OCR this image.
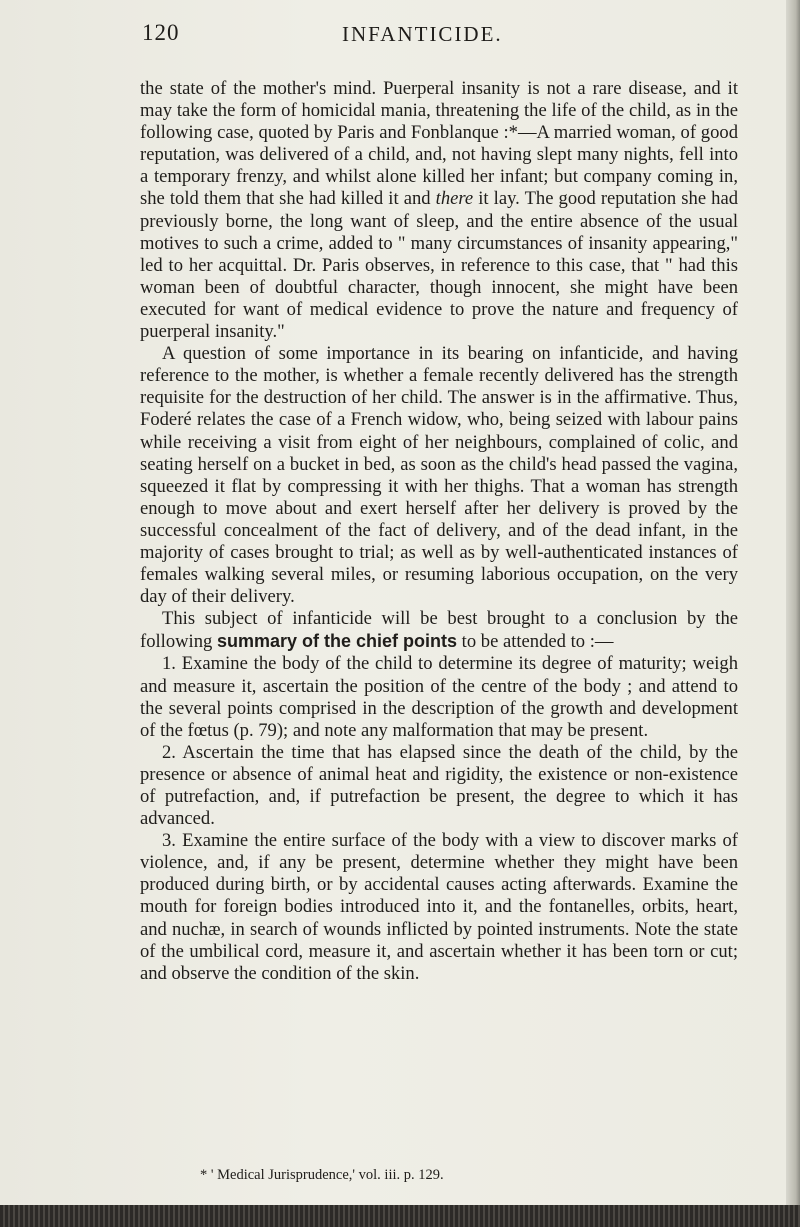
120	INFANTICIDE.

the state of the mother's mind. Puerperal insanity is not a rare disease, and it may take the form of homicidal mania, threatening the life of the child, as in the following case, quoted by Paris and Fonblanque :*—A married woman, of good reputation, was delivered of a child, and, not having slept many nights, fell into a temporary frenzy, and whilst alone killed her infant; but company coming in, she told them that she had killed it and there it lay. The good reputation she had previously borne, the long want of sleep, and the entire absence of the usual motives to such a crime, added to " many circumstances of insanity appearing," led to her acquittal. Dr. Paris observes, in reference to this case, that " had this woman been of doubtful character, though innocent, she might have been executed for want of medical evidence to prove the nature and frequency of puerperal insanity."

A question of some importance in its bearing on infanticide, and having reference to the mother, is whether a female recently delivered has the strength requisite for the destruction of her child. The answer is in the affirmative. Thus, Foderé relates the case of a French widow, who, being seized with labour pains while receiving a visit from eight of her neighbours, complained of colic, and seating herself on a bucket in bed, as soon as the child's head passed the vagina, squeezed it flat by compressing it with her thighs. That a woman has strength enough to move about and exert herself after her delivery is proved by the successful concealment of the fact of delivery, and of the dead infant, in the majority of cases brought to trial; as well as by well-authenticated instances of females walking several miles, or resuming laborious occupation, on the very day of their delivery.

This subject of infanticide will be best brought to a conclusion by the following summary of the chief points to be attended to :—

1. Examine the body of the child to determine its degree of maturity; weigh and measure it, ascertain the position of the centre of the body ; and attend to the several points comprised in the description of the growth and development of the fœtus (p. 79); and note any malformation that may be present.

2. Ascertain the time that has elapsed since the death of the child, by the presence or absence of animal heat and rigidity, the existence or non-existence of putrefaction, and, if putrefaction be present, the degree to which it has advanced.

3. Examine the entire surface of the body with a view to discover marks of violence, and, if any be present, determine whether they might have been produced during birth, or by accidental causes acting afterwards. Examine the mouth for foreign bodies introduced into it, and the fontanelles, orbits, heart, and nuchæ, in search of wounds inflicted by pointed instruments. Note the state of the umbilical cord, measure it, and ascertain whether it has been torn or cut; and observe the condition of the skin.

* ' Medical Jurisprudence,' vol. iii. p. 129.
